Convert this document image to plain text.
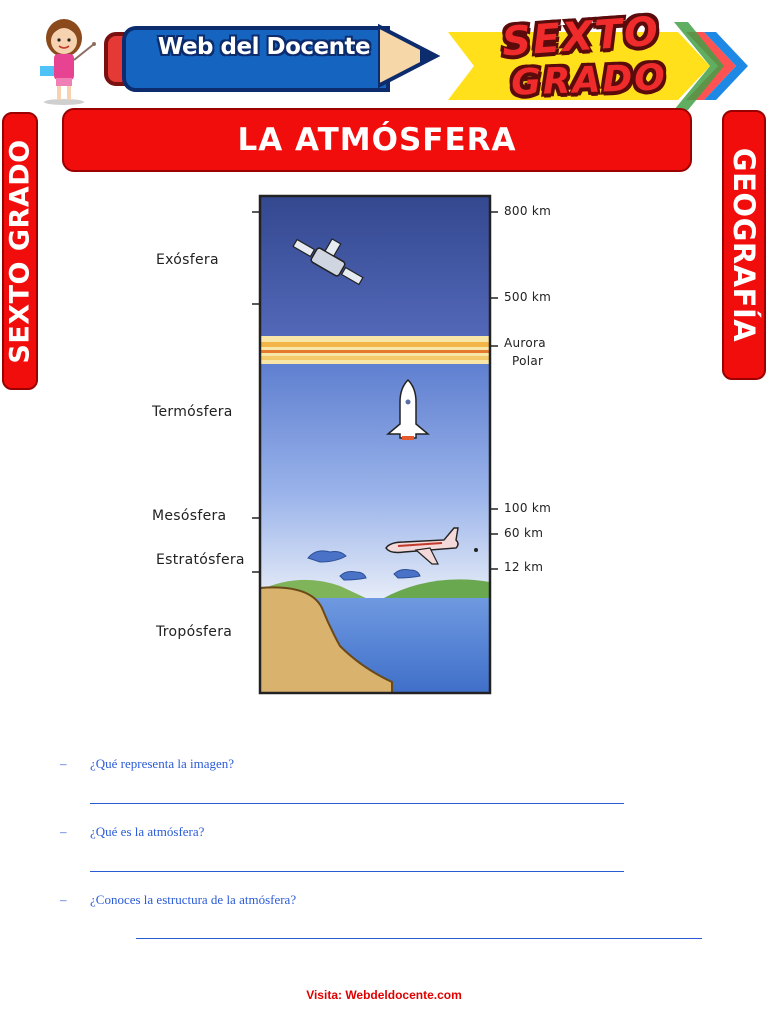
Web del Docente	SEXTO
GRADO
LA ATMÓSFERA
SEXTO GRADO	GEOGRAFÍA
Exósfera
Termósfera
Mesósfera
Estratósfera
Tropósfera
800 km
500 km
Aurora
Polar
100 km
60 km
12 km
– ¿Qué representa la imagen?
– ¿Qué es la atmósfera?
– ¿Conoces la estructura de la atmósfera?
Visita: Webdeldocente.com
